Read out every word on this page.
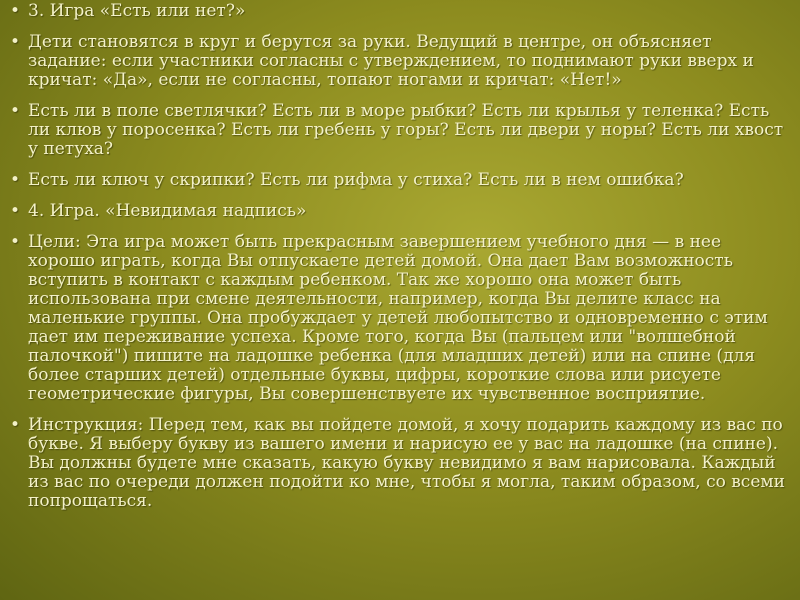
• 3. Игра «Есть или нет?»
• Дети становятся в круг и берутся за руки. Ведущий в центре, он объясняет задание: если участники согласны с утверждением, то поднимают руки вверх и кричат: «Да», если не согласны, топают ногами и кричат: «Нет!»
• Есть ли в поле светлячки? Есть ли в море рыбки? Есть ли крылья у теленка? Есть ли клюв у поросенка? Есть ли гребень у горы? Есть ли двери у норы? Есть ли хвост у петуха?
• Есть ли ключ у скрипки? Есть ли рифма у стиха? Есть ли в нем ошибка?
• 4. Игра. «Невидимая надпись»
• Цели: Эта игра может быть прекрасным завершением учебного дня — в нее хорошо играть, когда Вы отпускаете детей домой. Она дает Вам возможность вступить в контакт с каждым ребенком. Так же хорошо она может быть использована при смене деятельности, например, когда Вы делите класс на маленькие группы. Она пробуждает у детей любопытство и одновременно с этим дает им переживание успеха. Кроме того, когда Вы (пальцем или "волшебной палочкой") пишите на ладошке ребенка (для младших детей) или на спине (для более старших детей) отдельные буквы, цифры, короткие слова или рисуете геометрические фигуры, Вы совершенствуете их чувственное восприятие.
• Инструкция: Перед тем, как вы пойдете домой, я хочу подарить каждому из вас по букве. Я выберу букву из вашего имени и нарисую ее у вас на ладошке (на спине). Вы должны будете мне сказать, какую букву невидимо я вам нарисовала. Каждый из вас по очереди должен подойти ко мне, чтобы я могла, таким образом, со всеми попрощаться.
